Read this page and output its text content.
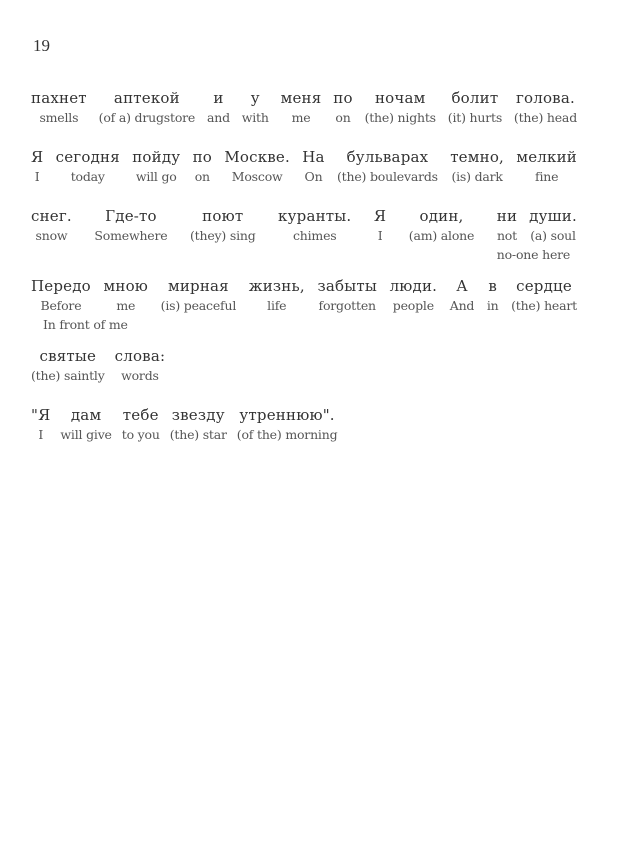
19
пахнет
smells
аптекой
(of a) drugstore
и
and
у
with
меня
me
по
on
ночам
(the) nights
болит
(it) hurts
голова.
(the) head
Я
I
сегодня
today
пойду
will go
по
on
Москве.
Moscow
На
On
бульварах
(the) boulevards
темно,
(is) dark
мелкий
fine
снег.
snow
Где-то
Somewhere
поют
(they) sing
куранты.
chimes
Я
I
один,
(am) alone
ни
not
души.
(a) soul
no-one here
Передо
Before
In front of me
мною
me
мирная
(is) peaceful
жизнь,
life
забыты
forgotten
люди.
people
А
And
в
in
сердце
(the) heart
святые
(the) saintly
слова:
words
"Я
I
дам
will give
тебе
to you
звезду
(the) star
утреннюю".
(of the) morning
